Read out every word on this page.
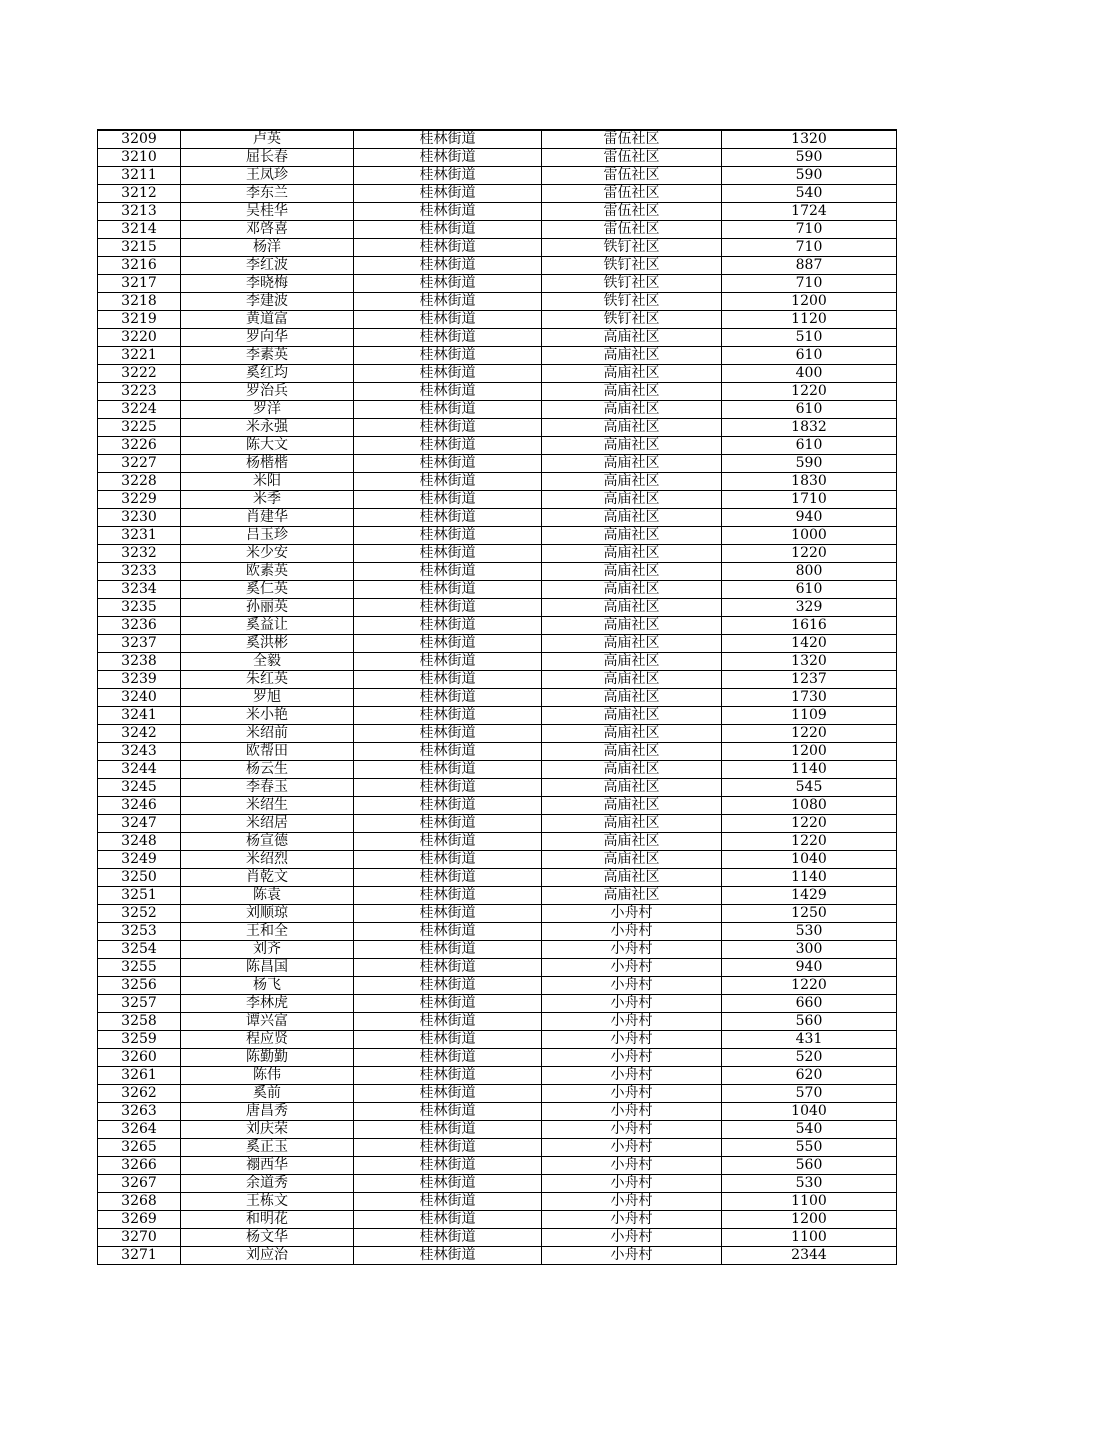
3209	卢英	桂林街道	雷伍社区	1320
3210	屈长春	桂林街道	雷伍社区	590
3211	王凤珍	桂林街道	雷伍社区	590
3212	李东兰	桂林街道	雷伍社区	540
3213	吴桂华	桂林街道	雷伍社区	1724
3214	邓啓喜	桂林街道	雷伍社区	710
3215	杨洋	桂林街道	铁钉社区	710
3216	李红波	桂林街道	铁钉社区	887
3217	李晓梅	桂林街道	铁钉社区	710
3218	李建波	桂林街道	铁钉社区	1200
3219	黄道富	桂林街道	铁钉社区	1120
3220	罗向华	桂林街道	高庙社区	510
3221	李素英	桂林街道	高庙社区	610
3222	奚红均	桂林街道	高庙社区	400
3223	罗治兵	桂林街道	高庙社区	1220
3224	罗洋	桂林街道	高庙社区	610
3225	米永强	桂林街道	高庙社区	1832
3226	陈大文	桂林街道	高庙社区	610
3227	杨楷楷	桂林街道	高庙社区	590
3228	米阳	桂林街道	高庙社区	1830
3229	米季	桂林街道	高庙社区	1710
3230	肖建华	桂林街道	高庙社区	940
3231	吕玉珍	桂林街道	高庙社区	1000
3232	米少安	桂林街道	高庙社区	1220
3233	欧素英	桂林街道	高庙社区	800
3234	奚仁英	桂林街道	高庙社区	610
3235	孙丽英	桂林街道	高庙社区	329
3236	奚益让	桂林街道	高庙社区	1616
3237	奚洪彬	桂林街道	高庙社区	1420
3238	全毅	桂林街道	高庙社区	1320
3239	朱红英	桂林街道	高庙社区	1237
3240	罗旭	桂林街道	高庙社区	1730
3241	米小艳	桂林街道	高庙社区	1109
3242	米绍前	桂林街道	高庙社区	1220
3243	欧帮田	桂林街道	高庙社区	1200
3244	杨云生	桂林街道	高庙社区	1140
3245	李春玉	桂林街道	高庙社区	545
3246	米绍生	桂林街道	高庙社区	1080
3247	米绍居	桂林街道	高庙社区	1220
3248	杨宣德	桂林街道	高庙社区	1220
3249	米绍烈	桂林街道	高庙社区	1040
3250	肖乾文	桂林街道	高庙社区	1140
3251	陈袁	桂林街道	高庙社区	1429
3252	刘顺琼	桂林街道	小舟村	1250
3253	王和全	桂林街道	小舟村	530
3254	刘齐	桂林街道	小舟村	300
3255	陈昌国	桂林街道	小舟村	940
3256	杨飞	桂林街道	小舟村	1220
3257	李林虎	桂林街道	小舟村	660
3258	谭兴富	桂林街道	小舟村	560
3259	程应贤	桂林街道	小舟村	431
3260	陈勤勤	桂林街道	小舟村	520
3261	陈伟	桂林街道	小舟村	620
3262	奚前	桂林街道	小舟村	570
3263	唐昌秀	桂林街道	小舟村	1040
3264	刘庆荣	桂林街道	小舟村	540
3265	奚正玉	桂林街道	小舟村	550
3266	禤西华	桂林街道	小舟村	560
3267	余道秀	桂林街道	小舟村	530
3268	王栋文	桂林街道	小舟村	1100
3269	和明花	桂林街道	小舟村	1200
3270	杨文华	桂林街道	小舟村	1100
3271	刘应治	桂林街道	小舟村	2344
